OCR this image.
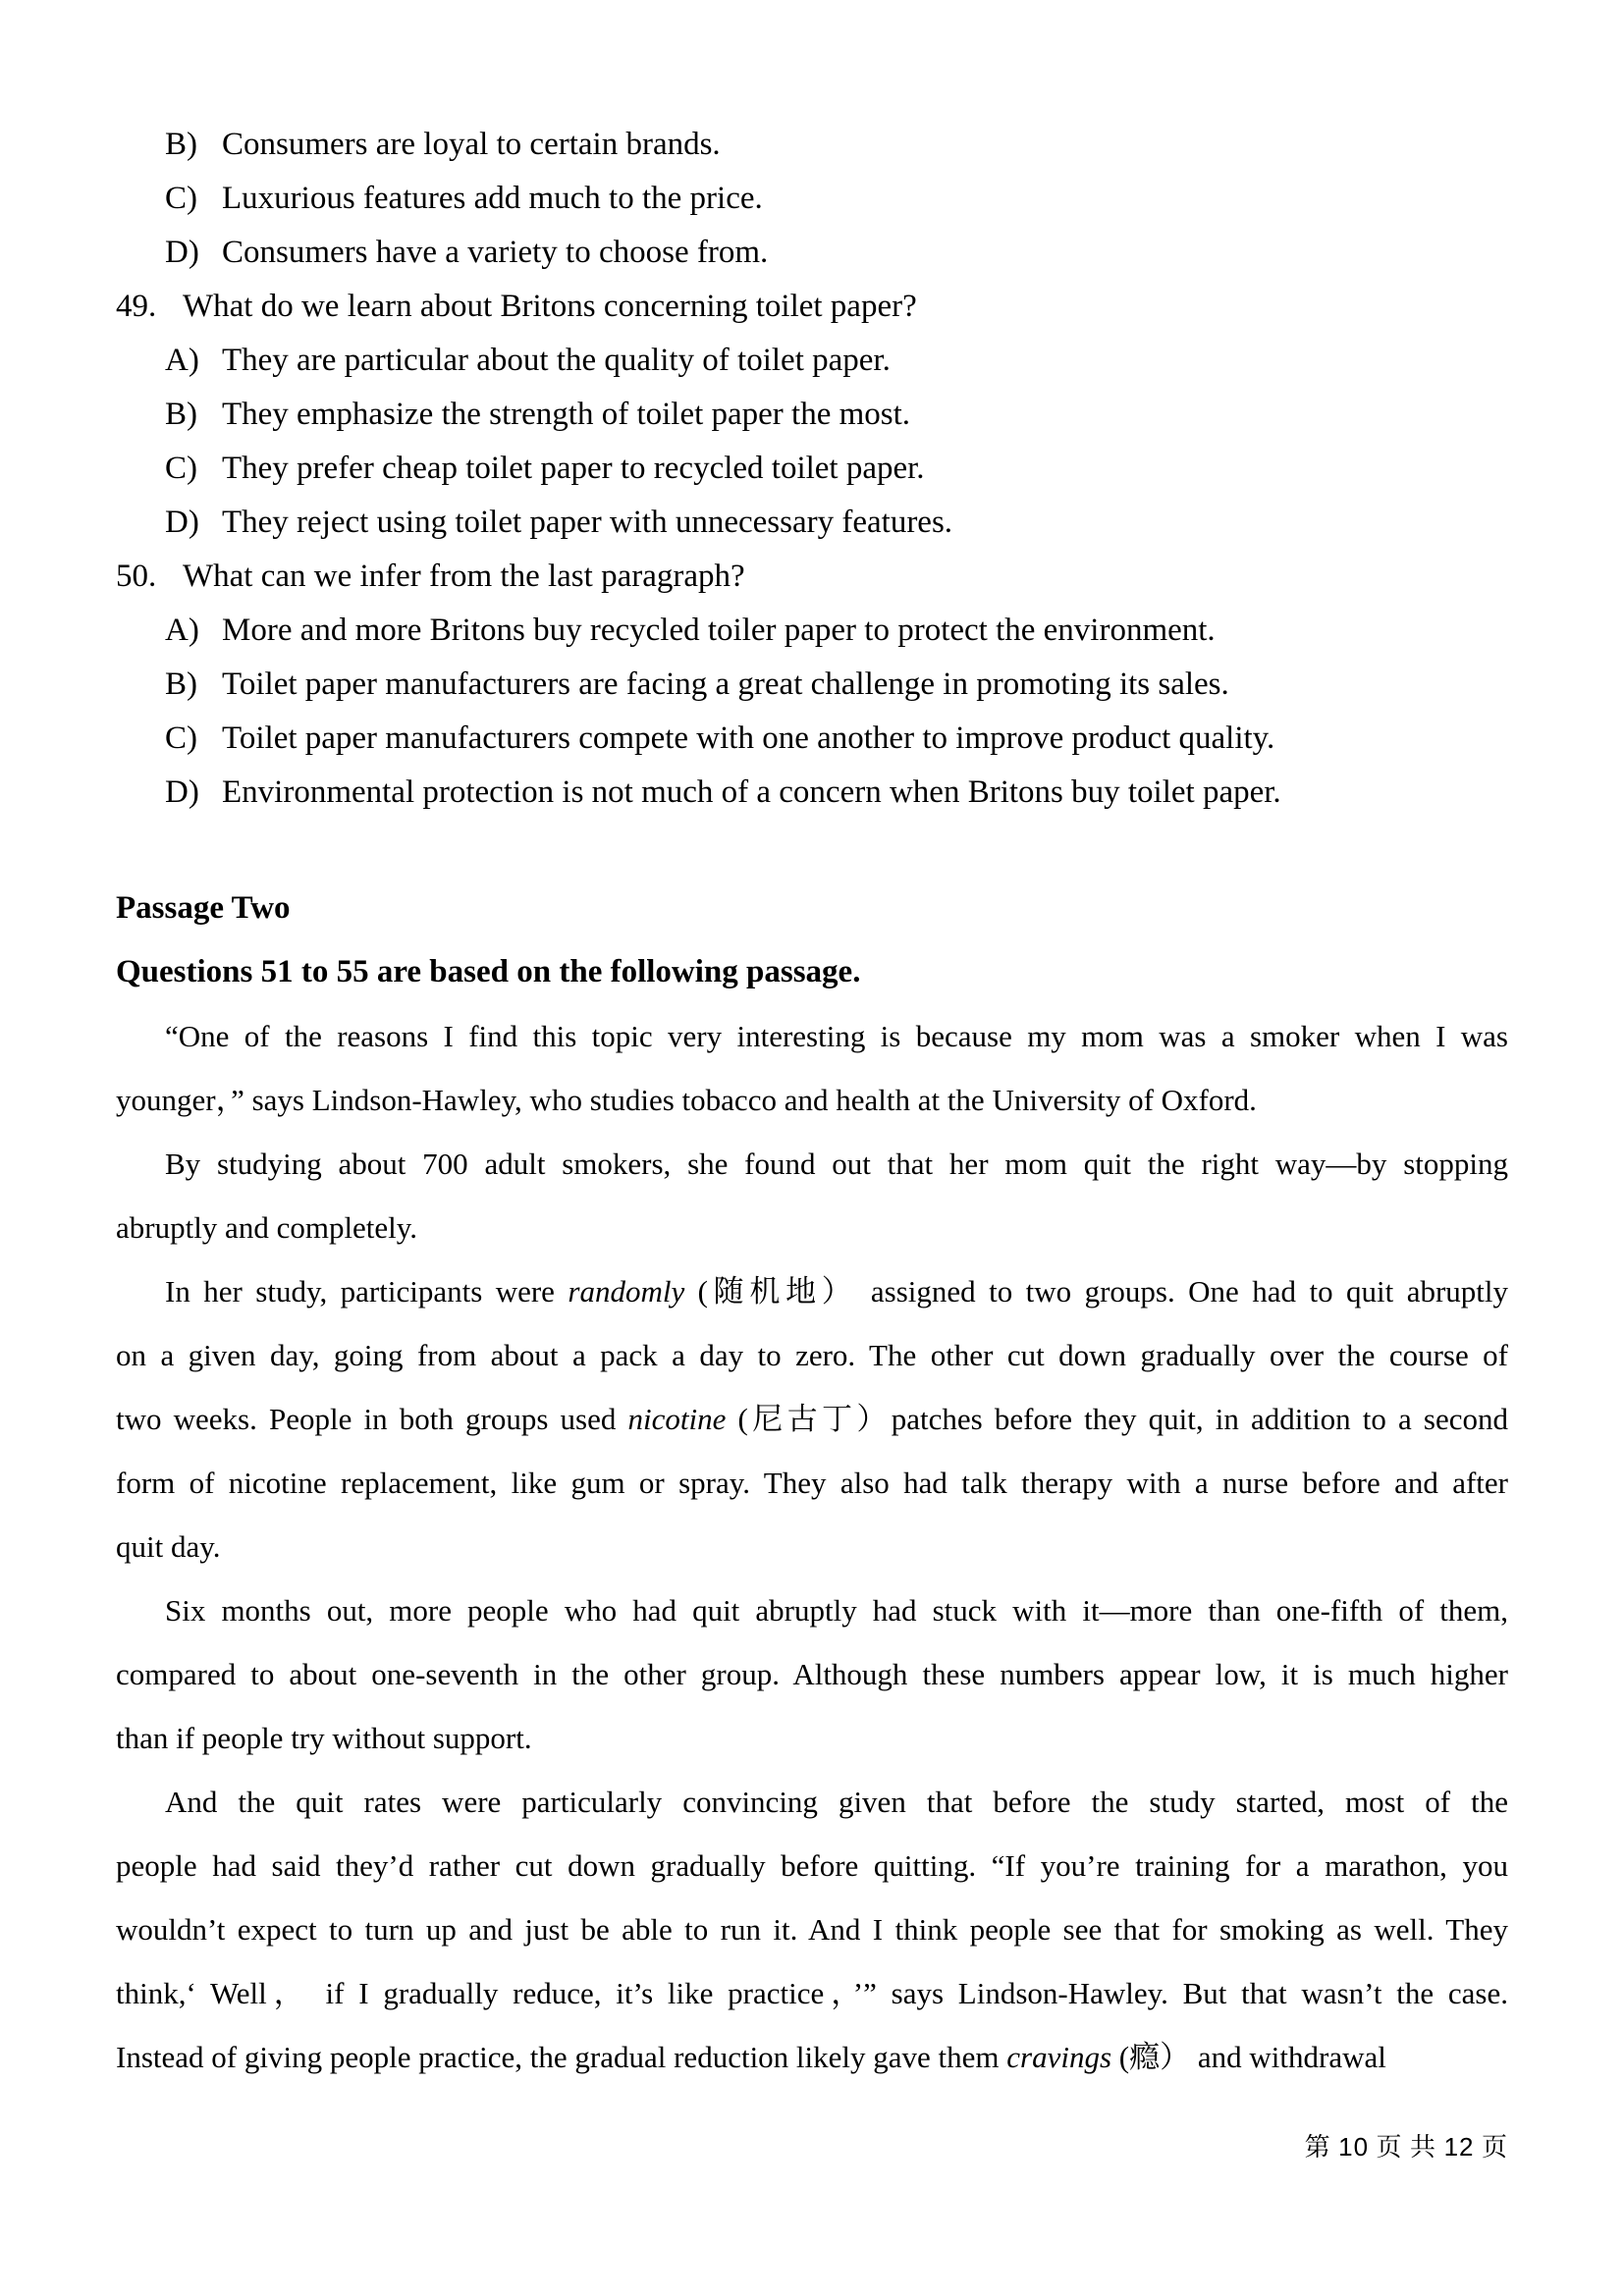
B) Consumers are loyal to certain brands.
C) Luxurious features add much to the price.
D) Consumers have a variety to choose from.
49. What do we learn about Britons concerning toilet paper?
A) They are particular about the quality of toilet paper.
B) They emphasize the strength of toilet paper the most.
C) They prefer cheap toilet paper to recycled toilet paper.
D) They reject using toilet paper with unnecessary features.
50. What can we infer from the last paragraph?
A) More and more Britons buy recycled toiler paper to protect the environment.
B) Toilet paper manufacturers are facing a great challenge in promoting its sales.
C) Toilet paper manufacturers compete with one another to improve product quality.
D) Environmental protection is not much of a concern when Britons buy toilet paper.
Passage Two
Questions 51 to 55 are based on the following passage.
“One of the reasons I find this topic very interesting is because my mom was a smoker when I was
younger，” says Lindson-Hawley, who studies tobacco and health at the University of Oxford.
By studying about 700 adult smokers, she found out that her mom quit the right way—by stopping
abruptly and completely.
In her study, participants were randomly (随机地） assigned to two groups. One had to quit abruptly
on a given day, going from about a pack a day to zero. The other cut down gradually over the course of
two weeks. People in both groups used nicotine (尼古丁）patches before they quit, in addition to a second
form of nicotine replacement, like gum or spray. They also had talk therapy with a nurse before and after
quit day.
Six months out, more people who had quit abruptly had stuck with it—more than one-fifth of them,
compared to about one-seventh in the other group. Although these numbers appear low, it is much higher
than if people try without support.
And the quit rates were particularly convincing given that before the study started, most of the
people had said they’d rather cut down gradually before quitting. “If you’re training for a marathon, you
wouldn’t expect to turn up and just be able to run it. And I think people see that for smoking as well. They
think,‘ Well， if I gradually reduce, it’s like practice，’” says Lindson-Hawley. But that wasn’t the case.
Instead of giving people practice, the gradual reduction likely gave them cravings (瘾） and withdrawal
第 10 页 共 12 页
